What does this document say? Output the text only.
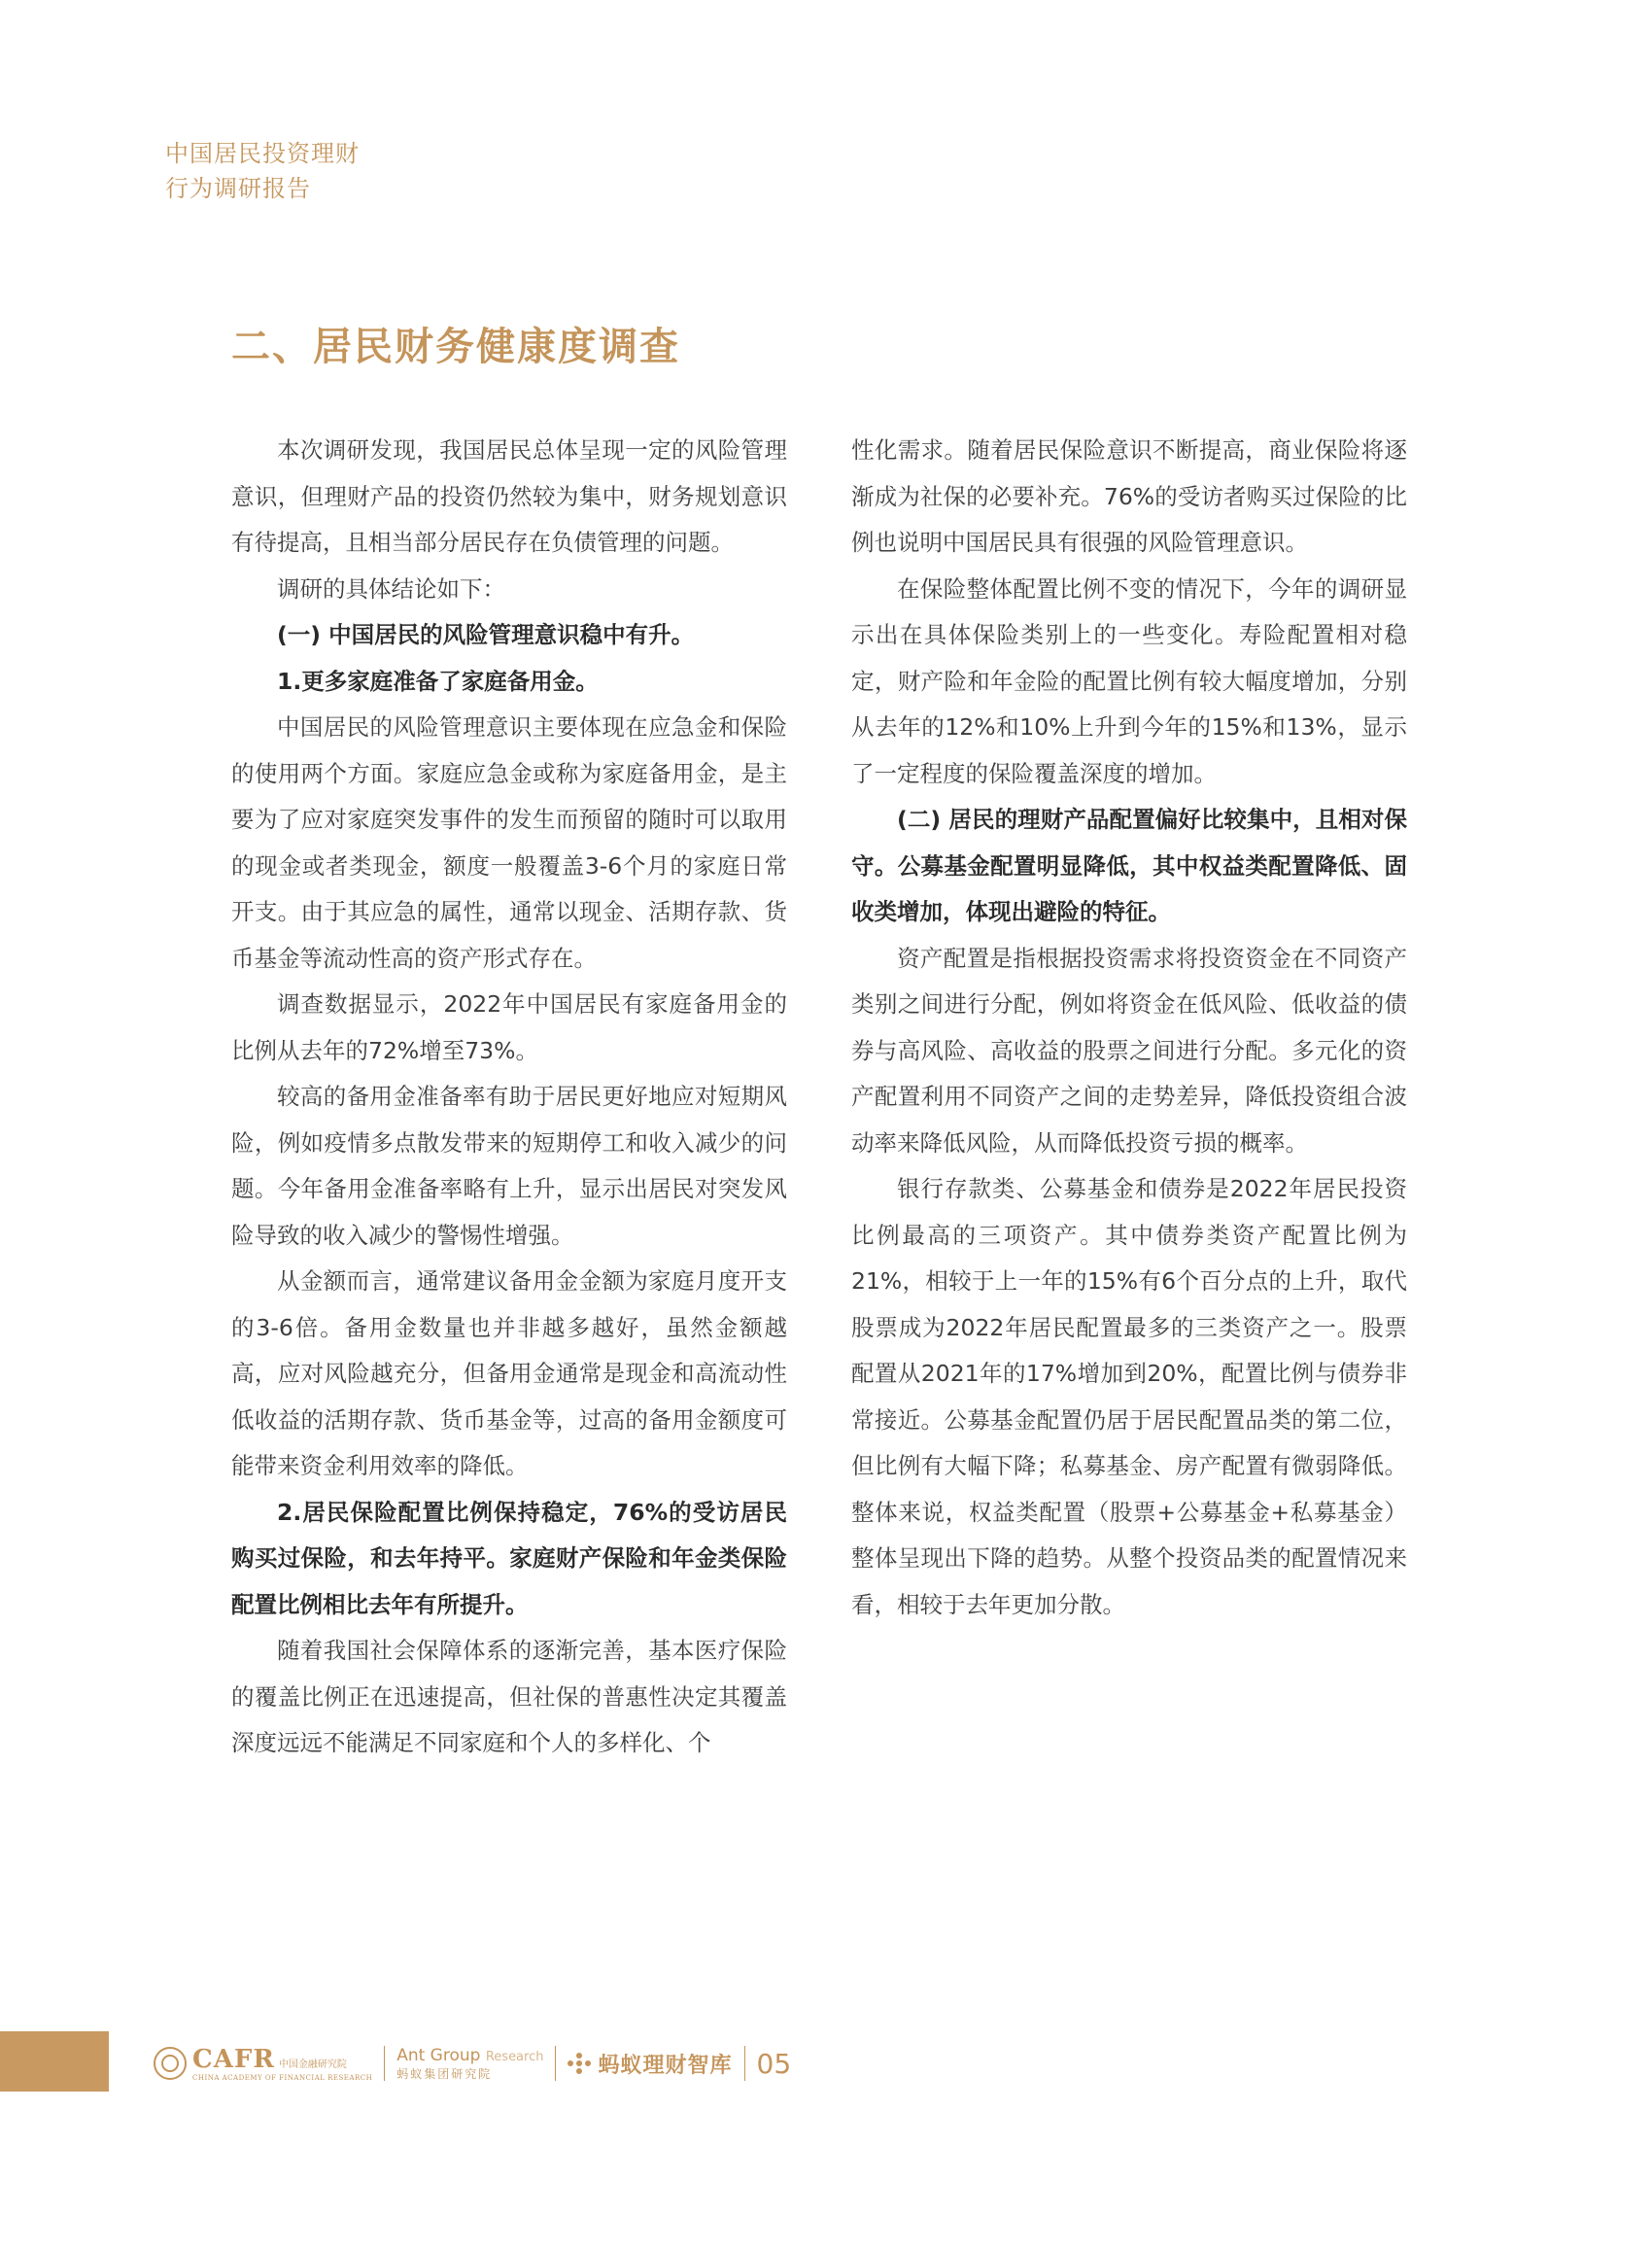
中国居民投资理财
行为调研报告
二、居民财务健康度调查

本次调研发现，我国居民总体呈现一定的风险管理意识，但理财产品的投资仍然较为集中，财务规划意识有待提高，且相当部分居民存在负债管理的问题。

调研的具体结论如下：

(一) 中国居民的风险管理意识稳中有升。

1.更多家庭准备了家庭备用金。

中国居民的风险管理意识主要体现在应急金和保险的使用两个方面。家庭应急金或称为家庭备用金，是主要为了应对家庭突发事件的发生而预留的随时可以取用的现金或者类现金，额度一般覆盖3-6个月的家庭日常开支。由于其应急的属性，通常以现金、活期存款、货币基金等流动性高的资产形式存在。

调查数据显示，2022年中国居民有家庭备用金的比例从去年的72%增至73%。

较高的备用金准备率有助于居民更好地应对短期风险，例如疫情多点散发带来的短期停工和收入减少的问题。今年备用金准备率略有上升，显示出居民对突发风险导致的收入减少的警惕性增强。

从金额而言，通常建议备用金金额为家庭月度开支的3-6倍。备用金数量也并非越多越好，虽然金额越高，应对风险越充分，但备用金通常是现金和高流动性低收益的活期存款、货币基金等，过高的备用金额度可能带来资金利用效率的降低。

2.居民保险配置比例保持稳定，76%的受访居民购买过保险，和去年持平。家庭财产保险和年金类保险配置比例相比去年有所提升。

随着我国社会保障体系的逐渐完善，基本医疗保险的覆盖比例正在迅速提高，但社保的普惠性决定其覆盖深度远远不能满足不同家庭和个人的多样化、个

性化需求。随着居民保险意识不断提高，商业保险将逐渐成为社保的必要补充。76%的受访者购买过保险的比例也说明中国居民具有很强的风险管理意识。

在保险整体配置比例不变的情况下，今年的调研显示出在具体保险类别上的一些变化。寿险配置相对稳定，财产险和年金险的配置比例有较大幅度增加，分别从去年的12%和10%上升到今年的15%和13%，显示了一定程度的保险覆盖深度的增加。

(二) 居民的理财产品配置偏好比较集中，且相对保守。公募基金配置明显降低，其中权益类配置降低、固收类增加，体现出避险的特征。

资产配置是指根据投资需求将投资资金在不同资产类别之间进行分配，例如将资金在低风险、低收益的债券与高风险、高收益的股票之间进行分配。多元化的资产配置利用不同资产之间的走势差异，降低投资组合波动率来降低风险，从而降低投资亏损的概率。

银行存款类、公募基金和债券是2022年居民投资比例最高的三项资产。其中债券类资产配置比例为21%，相较于上一年的15%有6个百分点的上升，取代股票成为2022年居民配置最多的三类资产之一。股票配置从2021年的17%增加到20%，配置比例与债券非常接近。公募基金配置仍居于居民配置品类的第二位，但比例有大幅下降；私募基金、房产配置有微弱降低。整体来说，权益类配置（股票+公募基金+私募基金）整体呈现出下降的趋势。从整个投资品类的配置情况来看，相较于去年更加分散。

CAFR 中国金融研究院
CHINA ACADEMY OF FINANCIAL RESEARCH
Ant Group Research
蚂蚁集团研究院	蚂蚁理财智库 05
